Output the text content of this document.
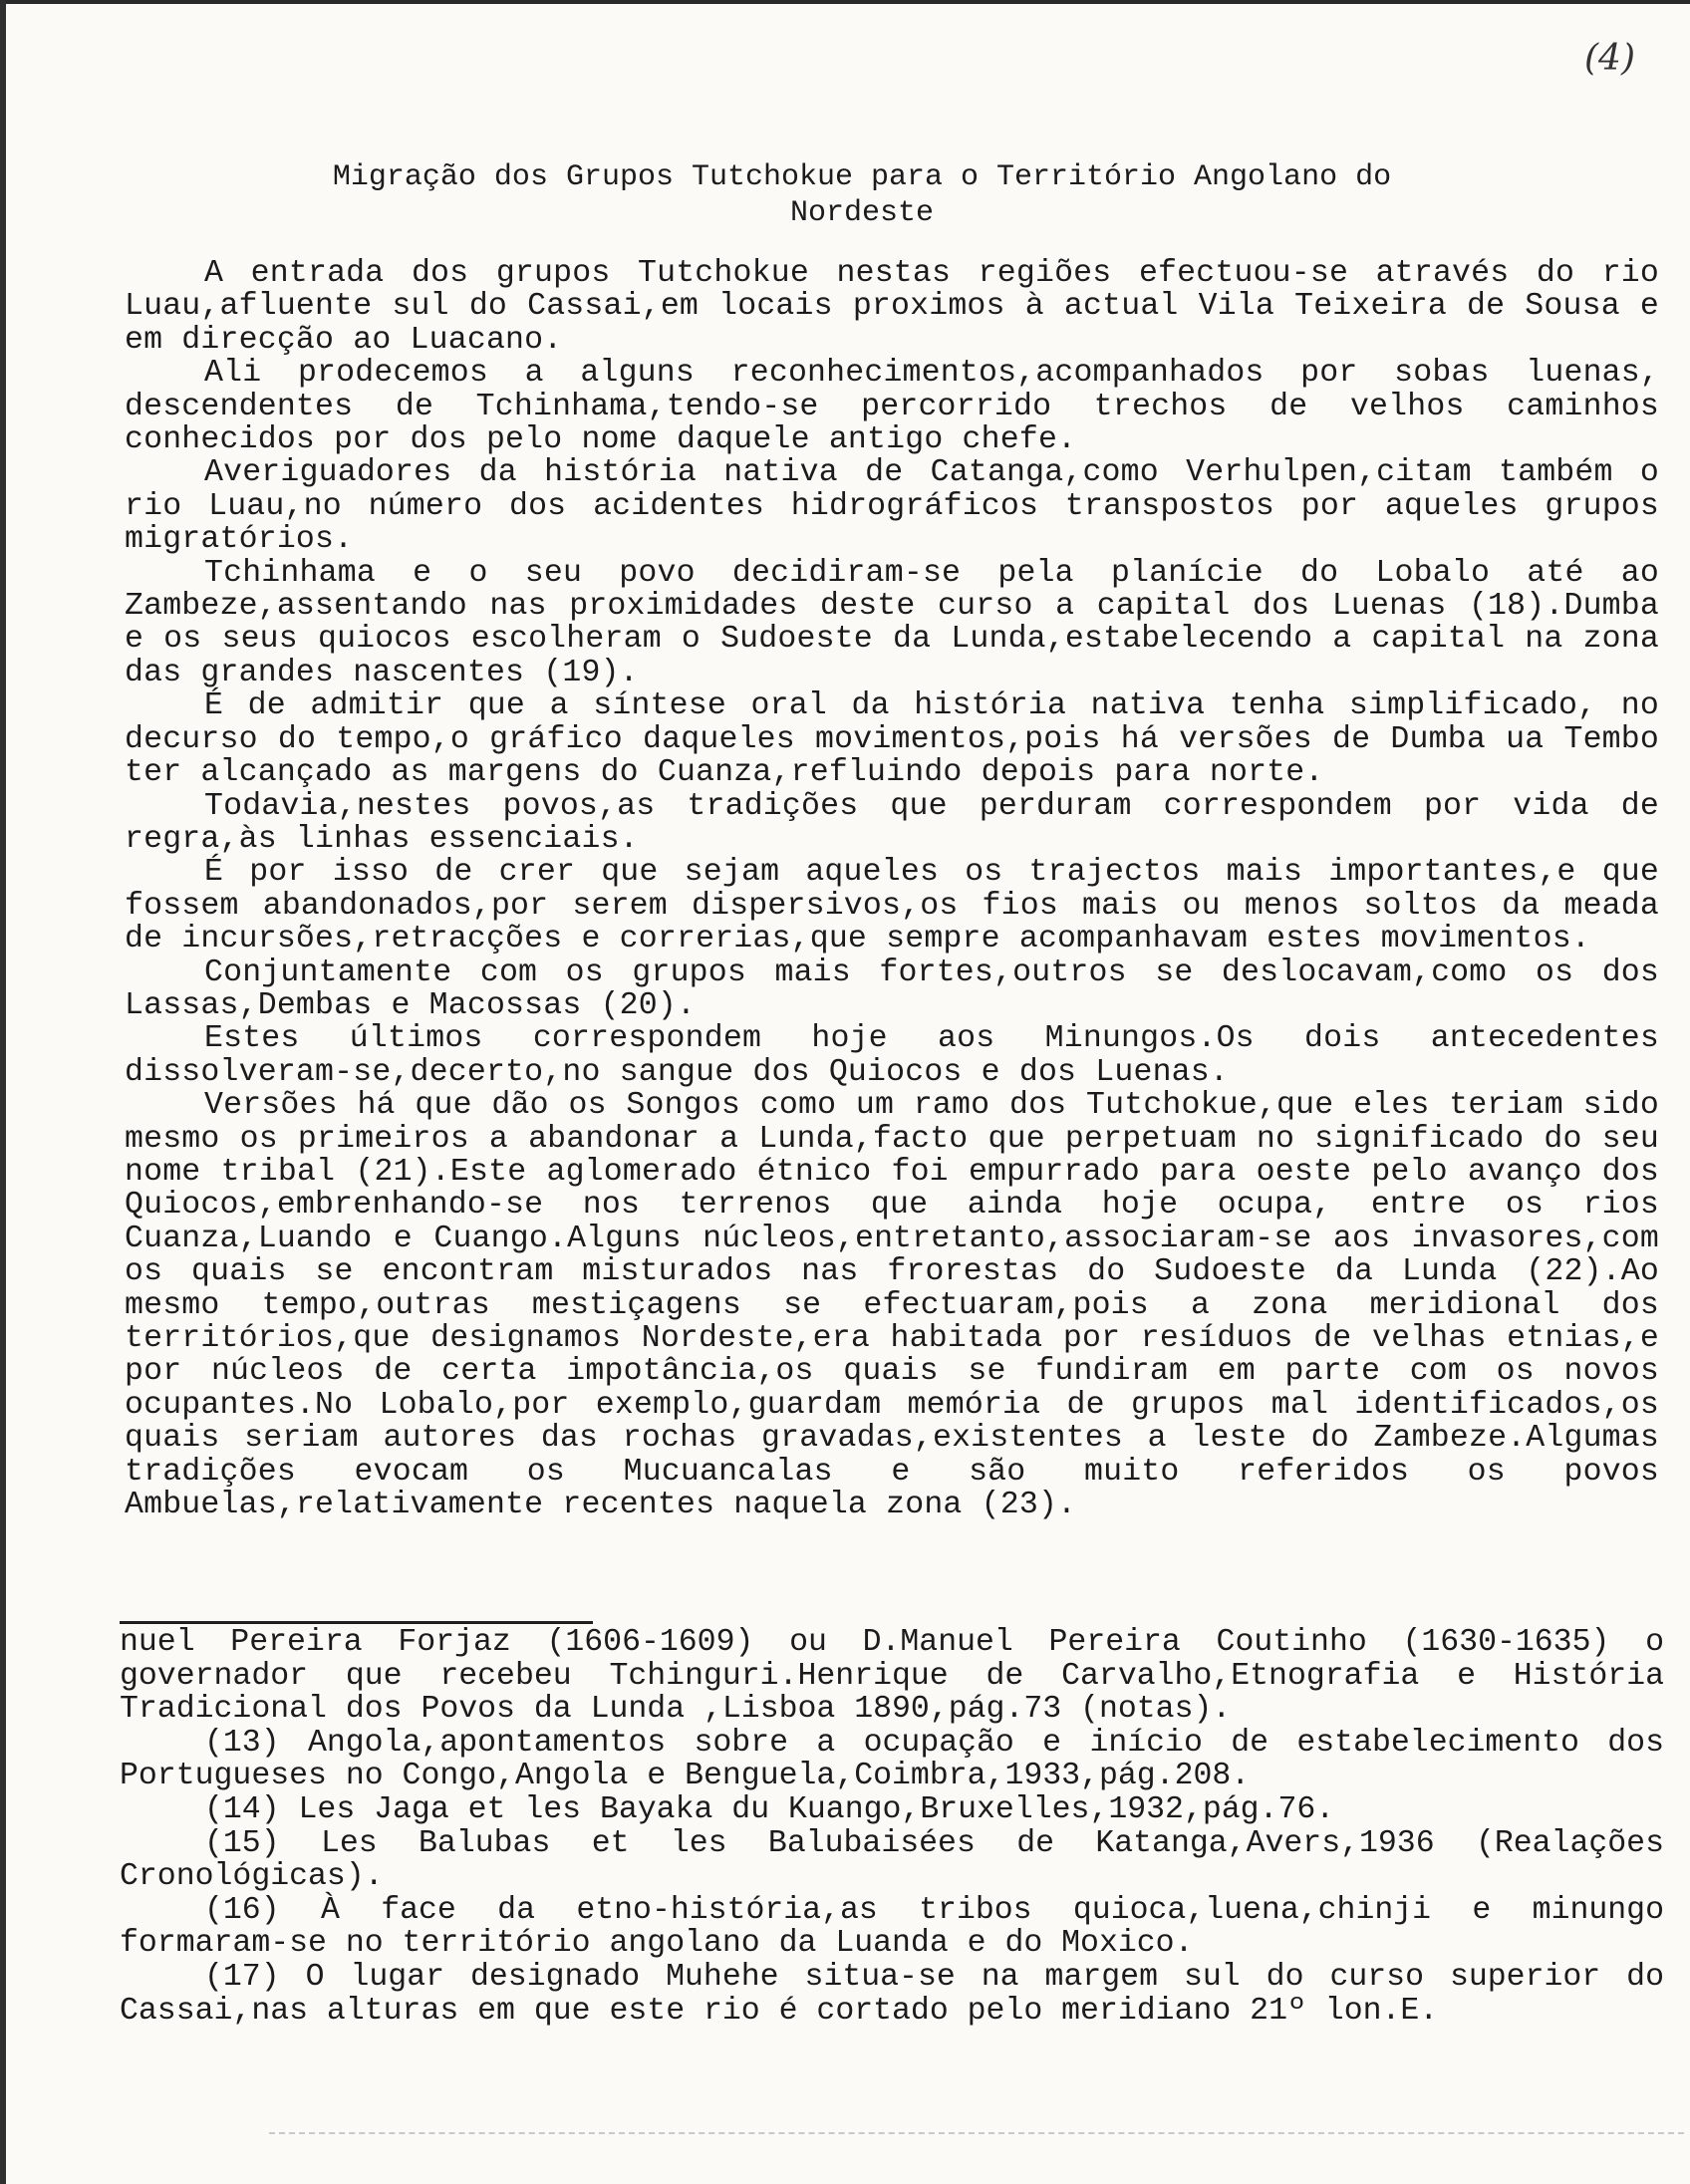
(4)
Migração dos Grupos Tutchokue para o Território Angolano do
Nordeste

A entrada dos grupos Tutchokue nestas regiões efectuou-se através do rio Luau,afluente sul do Cassai,em locais proximos à actual Vila Teixeira de Sousa e em direcção ao Luacano.

Ali prodecemos a alguns reconhecimentos,acompanhados por sobas luenas, descendentes de Tchinhama,tendo-se percorrido trechos de velhos caminhos conhecidos por dos pelo nome daquele antigo chefe.

Averiguadores da história nativa de Catanga,como Verhulpen,citam também o rio Luau,no número dos acidentes hidrográficos transpostos por aqueles grupos migratórios.

Tchinhama e o seu povo decidiram-se pela planície do Lobalo até ao Zambeze,assentando nas proximidades deste curso a capital dos Luenas (18).Dumba e os seus quiocos escolheram o Sudoeste da Lunda,estabelecendo a capital na zona das grandes nascentes (19).

É de admitir que a síntese oral da história nativa tenha simplificado, no decurso do tempo,o gráfico daqueles movimentos,pois há versões de Dumba ua Tembo ter alcançado as margens do Cuanza,refluindo depois para norte.

Todavia,nestes povos,as tradições que perduram correspondem por vida de regra,às linhas essenciais.

É por isso de crer que sejam aqueles os trajectos mais importantes,e que fossem abandonados,por serem dispersivos,os fios mais ou menos soltos da meada de incursões,retracções e correrias,que sempre acompanhavam estes movimentos.

Conjuntamente com os grupos mais fortes,outros se deslocavam,como os dos Lassas,Dembas e Macossas (20).

Estes últimos correspondem hoje aos Minungos.Os dois antecedentes dissolveram-se,decerto,no sangue dos Quiocos e dos Luenas.

Versões há que dão os Songos como um ramo dos Tutchokue,que eles teriam sido mesmo os primeiros a abandonar a Lunda,facto que perpetuam no significado do seu nome tribal (21).Este aglomerado étnico foi empurrado para oeste pelo avanço dos Quiocos,embrenhando-se nos terrenos que ainda hoje ocupa, entre os rios Cuanza,Luando e Cuango.Alguns núcleos,entretanto,associaram-se aos invasores,com os quais se encontram misturados nas frorestas do Sudoeste da Lunda (22).Ao mesmo tempo,outras mestiçagens se efectuaram,pois a zona meridional dos territórios,que designamos Nordeste,era habitada por resíduos de velhas etnias,e por núcleos de certa impotância,os quais se fundiram em parte com os novos ocupantes.No Lobalo,por exemplo,guardam memória de grupos mal identificados,os quais seriam autores das rochas gravadas,existentes a leste do Zambeze.Algumas tradições evocam os Mucuancalas e são muito referidos os povos Ambuelas,relativamente recentes naquela zona (23).

nuel Pereira Forjaz (1606-1609) ou D.Manuel Pereira Coutinho (1630-1635) o governador que recebeu Tchinguri.Henrique de Carvalho,Etnografia e História Tradicional dos Povos da Lunda ,Lisboa 1890,pág.73 (notas).

(13) Angola,apontamentos sobre a ocupação e início de estabelecimento dos Portugueses no Congo,Angola e Benguela,Coimbra,1933,pág.208.

(14) Les Jaga et les Bayaka du Kuango,Bruxelles,1932,pág.76.

(15) Les Balubas et les Balubaisées de Katanga,Avers,1936 (Realações Cronológicas).

(16) À face da etno-história,as tribos quioca,luena,chinji e minungo formaram-se no território angolano da Luanda e do Moxico.

(17) O lugar designado Muhehe situa-se na margem sul do curso superior do Cassai,nas alturas em que este rio é cortado pelo meridiano 21º lon.E.
